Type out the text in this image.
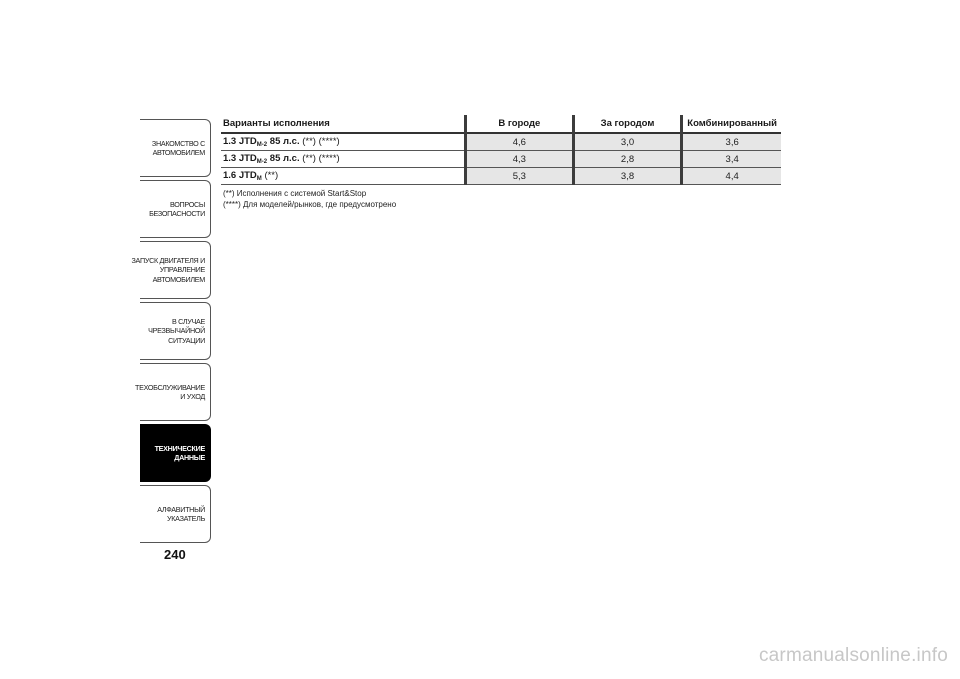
ЗНАКОМСТВО С
АВТОМОБИЛЕМ
ВОПРОСЫ
БЕЗОПАСНОСТИ
ЗАПУСК ДВИГАТЕЛЯ И
УПРАВЛЕНИЕ
АВТОМОБИЛЕМ
В СЛУЧАЕ
ЧРЕЗВЫЧАЙНОЙ
СИТУАЦИИ
ТЕХОБСЛУЖИВАНИЕ
И УХОД
ТЕХНИЧЕСКИЕ
ДАННЫЕ
АЛФАВИТНЫЙ
УКАЗАТЕЛЬ
240
Варианты исполнения	В городе	За городом	Комбинированный
1.3 $JTD_{M-2}$ 85 л.с. (**) (****)	4,6	3,0	3,6
1.3 $JTD_{M-2}$ 85 л.с. (**) (****)	4,3	2,8	3,4
1.6 $JTD_M$ (**)	5,3	3,8	4,4
(**) Исполнения с системой Start&Stop
(****) Для моделей/рынков, где предусмотрено
carmanualsonline.info
